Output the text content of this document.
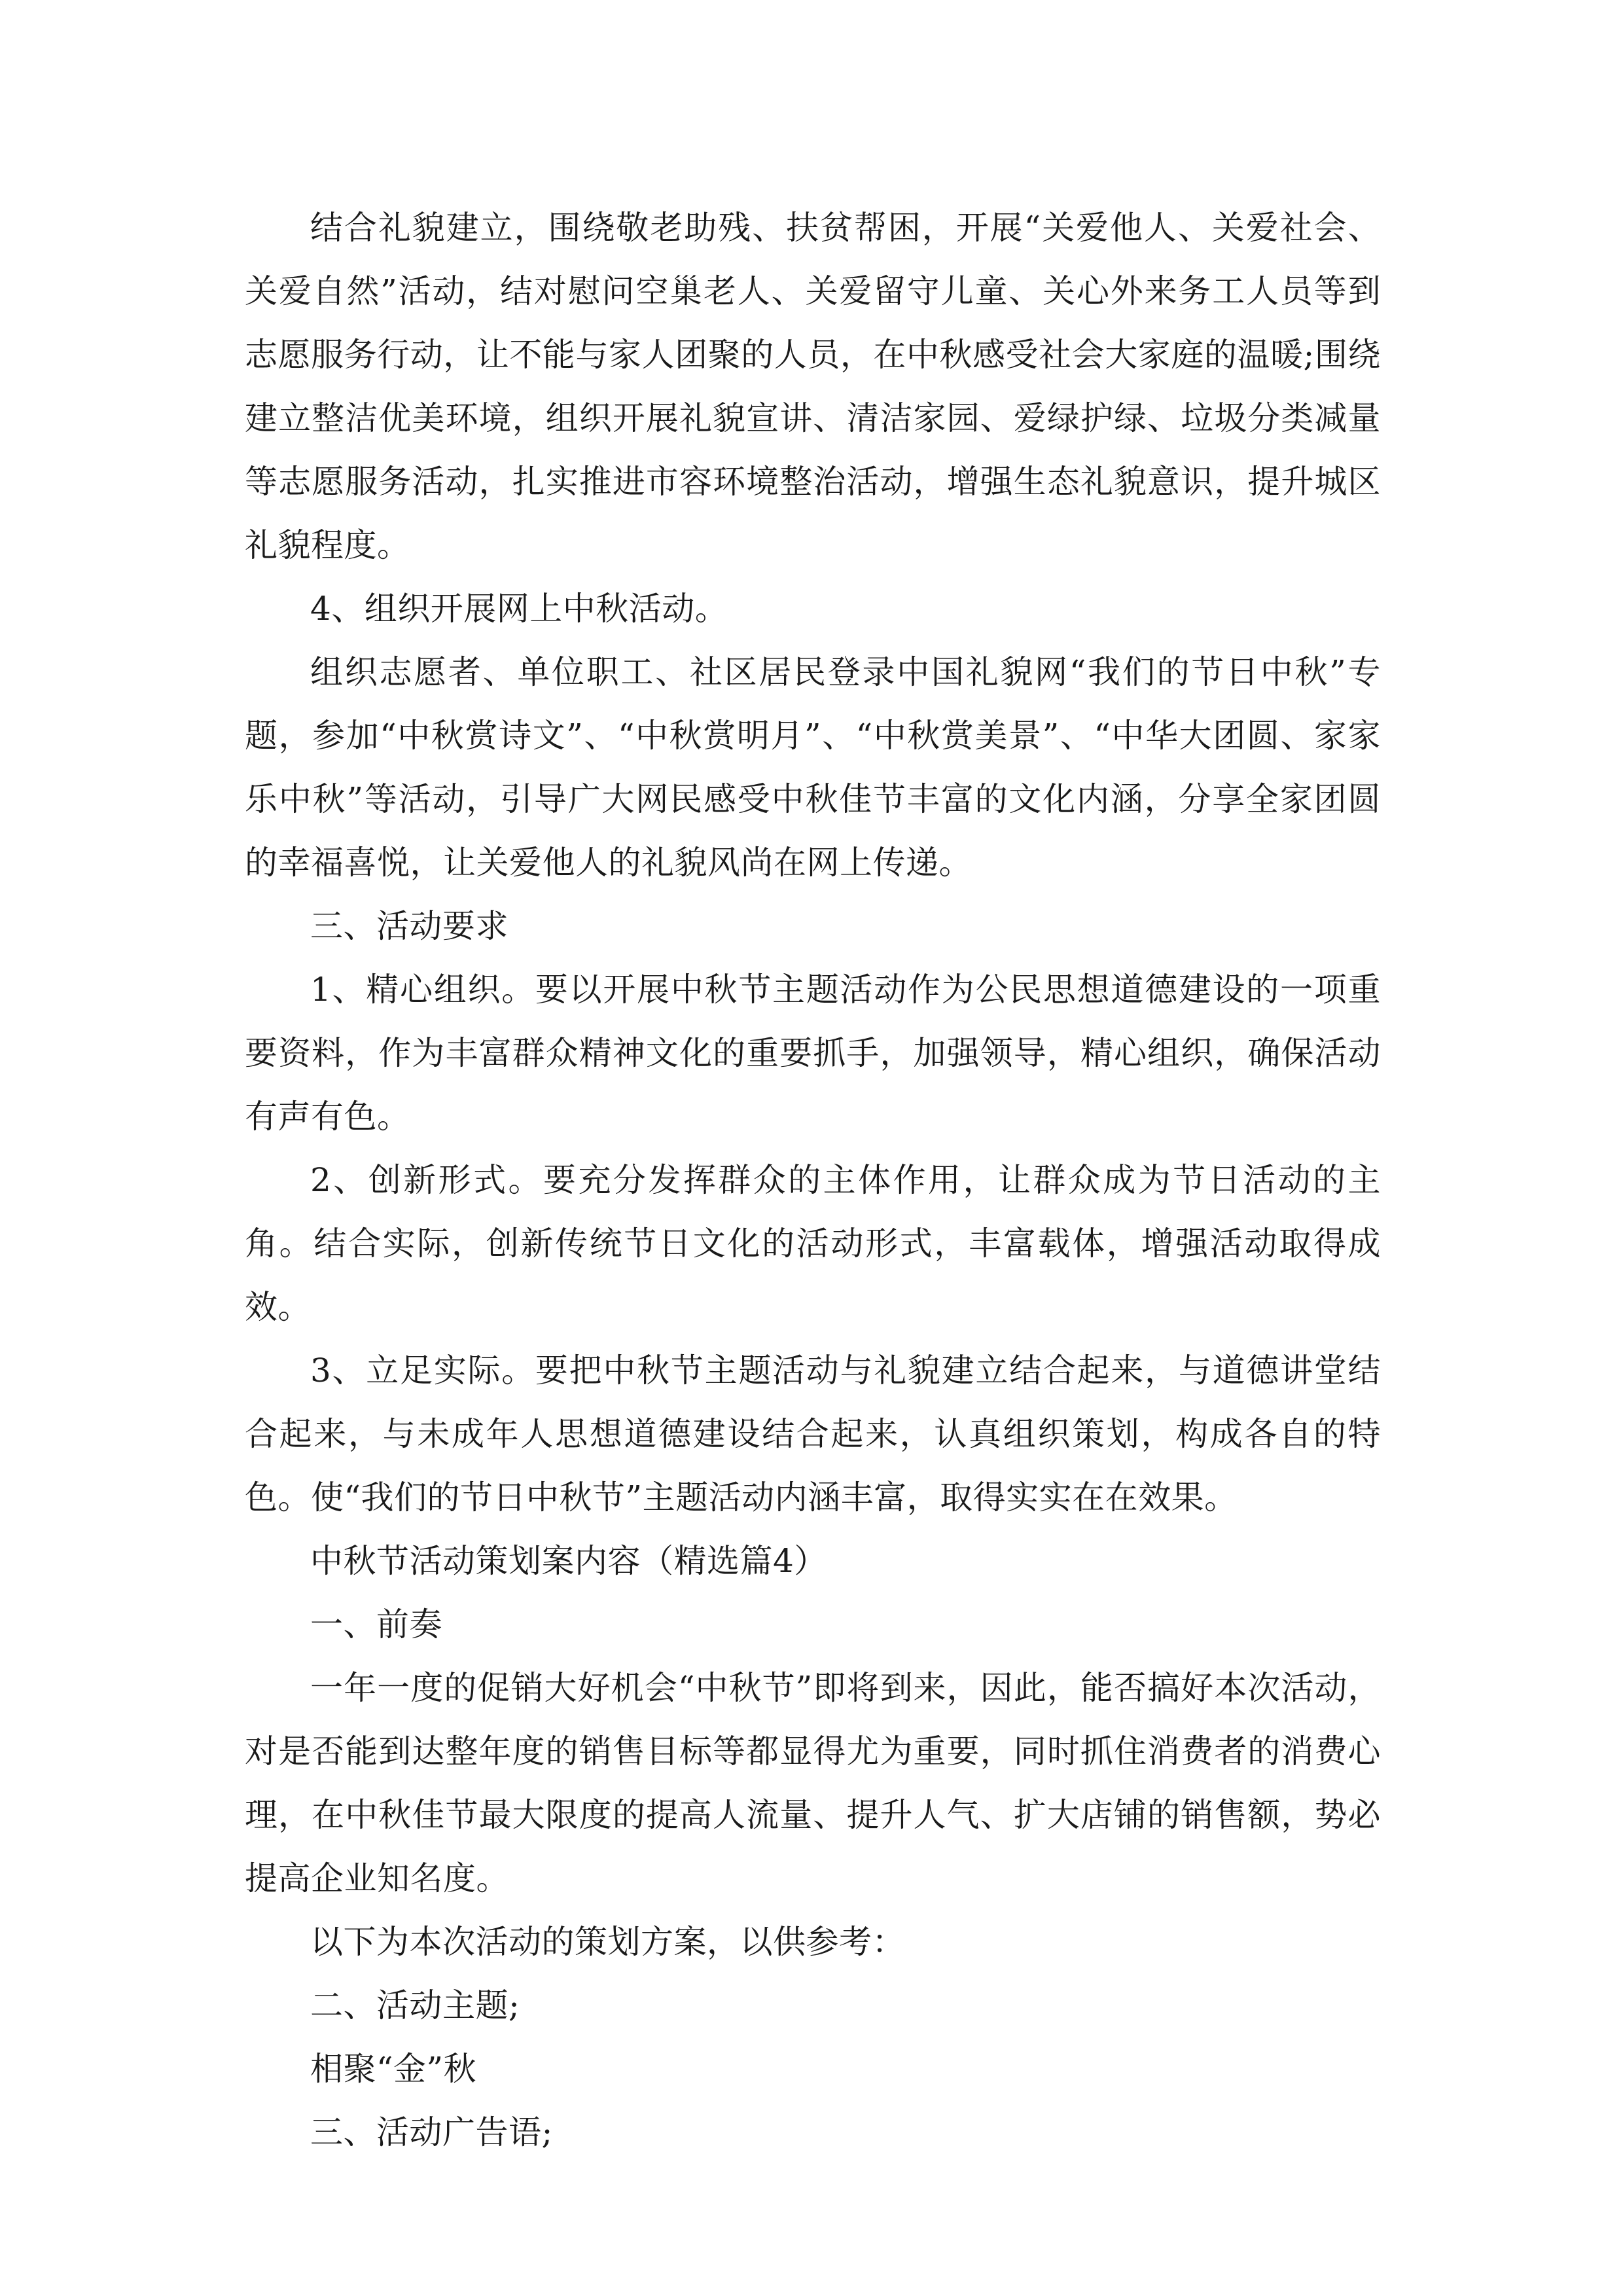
结合礼貌建立，围绕敬老助残、扶贫帮困，开展“关爱他人、关爱社会、关爱自然”活动，结对慰问空巢老人、关爱留守儿童、关心外来务工人员等到志愿服务行动，让不能与家人团聚的人员，在中秋感受社会大家庭的温暖;围绕建立整洁优美环境，组织开展礼貌宣讲、清洁家园、爱绿护绿、垃圾分类减量等志愿服务活动，扎实推进市容环境整治活动，增强生态礼貌意识，提升城区礼貌程度。

4、组织开展网上中秋活动。

组织志愿者、单位职工、社区居民登录中国礼貌网“我们的节日中秋”专题，参加“中秋赏诗文”、“中秋赏明月”、“中秋赏美景”、“中华大团圆、家家乐中秋”等活动，引导广大网民感受中秋佳节丰富的文化内涵，分享全家团圆的幸福喜悦，让关爱他人的礼貌风尚在网上传递。

三、活动要求

1、精心组织。要以开展中秋节主题活动作为公民思想道德建设的一项重要资料，作为丰富群众精神文化的重要抓手，加强领导，精心组织，确保活动有声有色。

2、创新形式。要充分发挥群众的主体作用，让群众成为节日活动的主角。结合实际，创新传统节日文化的活动形式，丰富载体，增强活动取得成效。

3、立足实际。要把中秋节主题活动与礼貌建立结合起来，与道德讲堂结合起来，与未成年人思想道德建设结合起来，认真组织策划，构成各自的特色。使“我们的节日中秋节”主题活动内涵丰富，取得实实在在效果。

中秋节活动策划案内容（精选篇4）

一、前奏

一年一度的促销大好机会“中秋节”即将到来，因此，能否搞好本次活动，对是否能到达整年度的销售目标等都显得尤为重要，同时抓住消费者的消费心理，在中秋佳节最大限度的提高人流量、提升人气、扩大店铺的销售额，势必提高企业知名度。

以下为本次活动的策划方案，以供参考：

二、活动主题;

相聚“金”秋

三、活动广告语;
